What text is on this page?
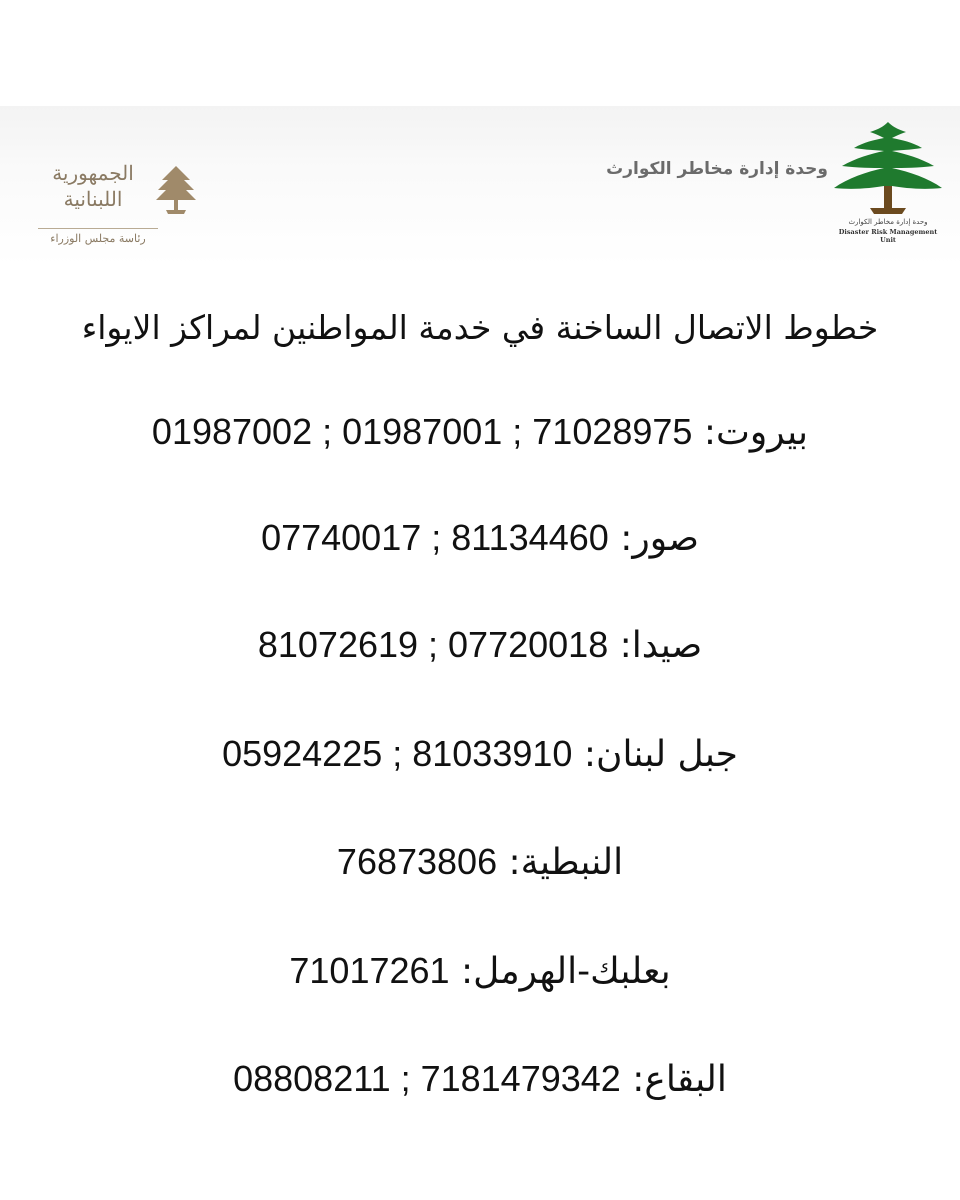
الجمهورية
اللبنانية
رئاسة مجلس الوزراء
وحدة إدارة مخاطر الكوارث
وحدة إدارة مخاطر الكوارث
Disaster Risk Management Unit
خطوط الاتصال الساخنة في خدمة المواطنين لمراكز الايواء
بيروت: 01987002 ; 01987001 ; 71028975
صور: 07740017 ; 81134460
صيدا: 81072619 ; 07720018
جبل لبنان: 05924225 ; 81033910
النبطية: 76873806
بعلبك-الهرمل: 71017261
البقاع: 08808211 ; 7181479342
